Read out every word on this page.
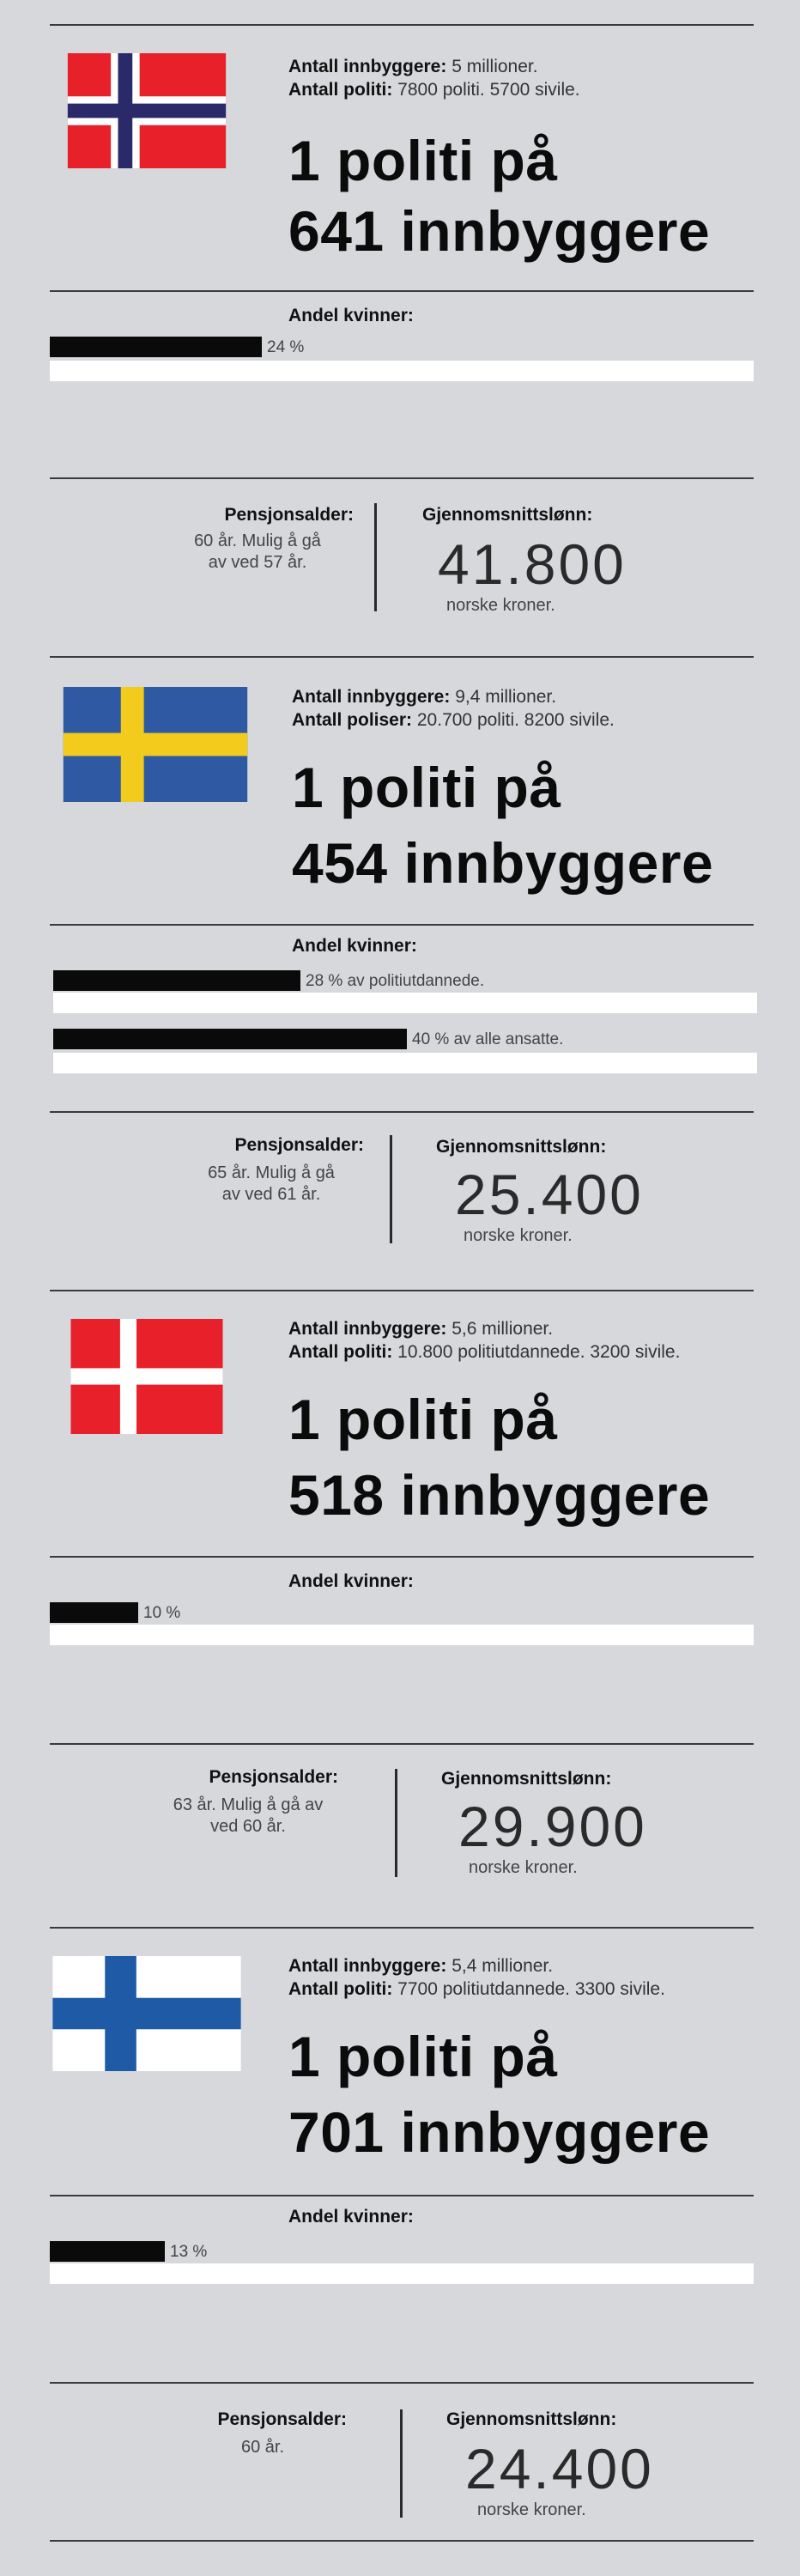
Antall innbyggere: 5 millioner.
Antall politi: 7800 politi. 5700 sivile.
1 politi på
641 innbyggere
Andel kvinner:
24 %
Pensjonsalder:
60 år. Mulig å gå
av ved 57 år.
Gjennomsnittslønn:
41.800
norske kroner.
Antall innbyggere: 9,4 millioner.
Antall poliser: 20.700 politi. 8200 sivile.
1 politi på
454 innbyggere
Andel kvinner:
28 % av politiutdannede.
40 % av alle ansatte.
Pensjonsalder:
65 år. Mulig å gå
av ved 61 år.
Gjennomsnittslønn:
25.400
norske kroner.
Antall innbyggere: 5,6 millioner.
Antall politi: 10.800 politiutdannede. 3200 sivile.
1 politi på
518 innbyggere
Andel kvinner:
10 %
Pensjonsalder:
63 år. Mulig å gå av
ved 60 år.
Gjennomsnittslønn:
29.900
norske kroner.
Antall innbyggere: 5,4 millioner.
Antall politi: 7700 politiutdannede. 3300 sivile.
1 politi på
701 innbyggere
Andel kvinner:
13 %
Pensjonsalder:
60 år.
Gjennomsnittslønn:
24.400
norske kroner.
